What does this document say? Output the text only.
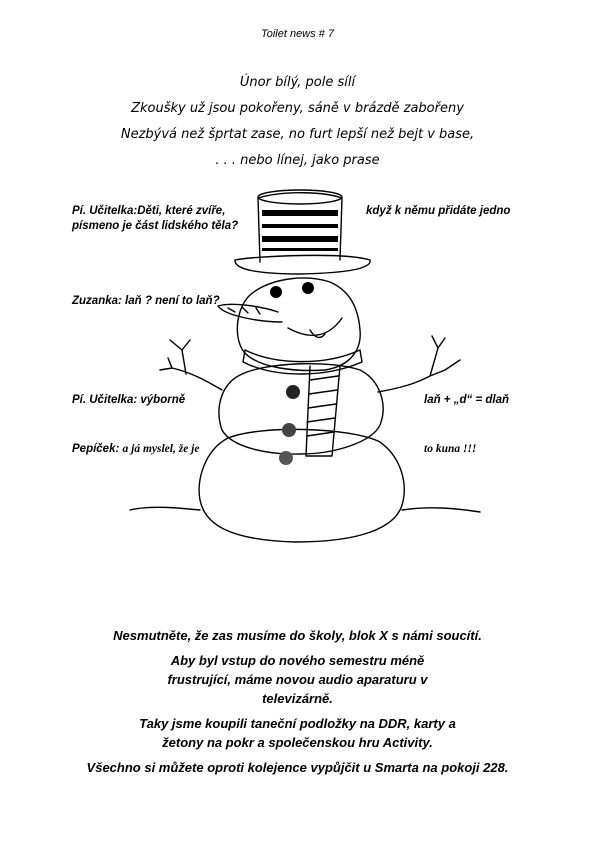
Toilet news # 7
Únor bílý, pole sílí
Zkoušky už jsou pokořeny, sáně v brázdě zabořeny
Nezbývá než šprtat zase, no furt lepší než bejt v base,
. . . nebo línej, jako prase
Pí. Učitelka:Děti, které zvíře,	když k němu přidáte jedno
písmeno je část lidského těla?
Zuzanka: laň ? není to laň?
Pí. Učitelka: výborně	laň + „d“ = dlaň
Pepíček: a já myslel, že je	to kuna !!!

Nesmutněte, že zas musíme do školy, blok X s námi soucítí.

Aby byl vstup do nového semestru méně frustrující, máme novou audio aparaturu v televizárně.

Taky jsme koupili taneční podložky na DDR, karty a žetony na pokr a společenskou hru Activity.

Všechno si můžete oproti kolejence vypůjčit u Smarta na pokoji 228.
